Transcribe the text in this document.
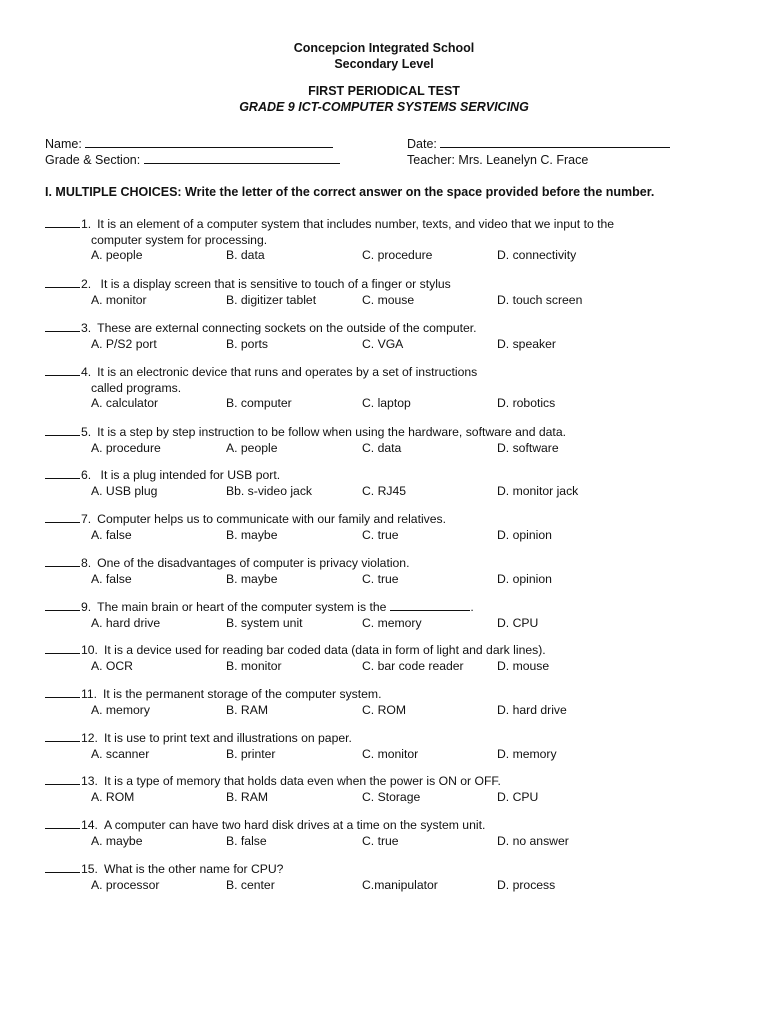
Concepcion Integrated School
Secondary Level
FIRST PERIODICAL TEST
GRADE 9 ICT-COMPUTER SYSTEMS SERVICING
Name:	Date:
Grade & Section:	Teacher: Mrs. Leanelyn C. Frace
I. MULTIPLE CHOICES: Write the letter of the correct answer on the space provided before the number.
1. It is an element of a computer system that includes number, texts, and video that we input to the
computer system for processing.
A. people	B. data	C. procedure	D. connectivity
2. It is a display screen that is sensitive to touch of a finger or stylus
A. monitor	B. digitizer tablet	C. mouse	D. touch screen
3. These are external connecting sockets on the outside of the computer.
A. P/S2 port	B. ports	C. VGA	D. speaker
4. It is an electronic device that runs and operates by a set of instructions
called programs.
A. calculator	B. computer	C. laptop	D. robotics
5. It is a step by step instruction to be follow when using the hardware, software and data.
A. procedure	A. people	C. data	D. software
6. It is a plug intended for USB port.
A. USB plug	Bb. s-video jack	C. RJ45	D. monitor jack
7. Computer helps us to communicate with our family and relatives.
A. false	B. maybe	C. true	D. opinion
8. One of the disadvantages of computer is privacy violation.
A. false	B. maybe	C. true	D. opinion
9. The main brain or heart of the computer system is the	.
A. hard drive	B. system unit	C. memory	D. CPU
10. It is a device used for reading bar coded data (data in form of light and dark lines).
A. OCR	B. monitor	C. bar code reader	D. mouse
11. It is the permanent storage of the computer system.
A. memory	B. RAM	C. ROM	D. hard drive
12. It is use to print text and illustrations on paper.
A. scanner	B. printer	C. monitor	D. memory
13. It is a type of memory that holds data even when the power is ON or OFF.
A. ROM	B. RAM	C. Storage	D. CPU
14. A computer can have two hard disk drives at a time on the system unit.
A. maybe	B. false	C. true	D. no answer
15. What is the other name for CPU?
A. processor	B. center	C.manipulator	D. process
